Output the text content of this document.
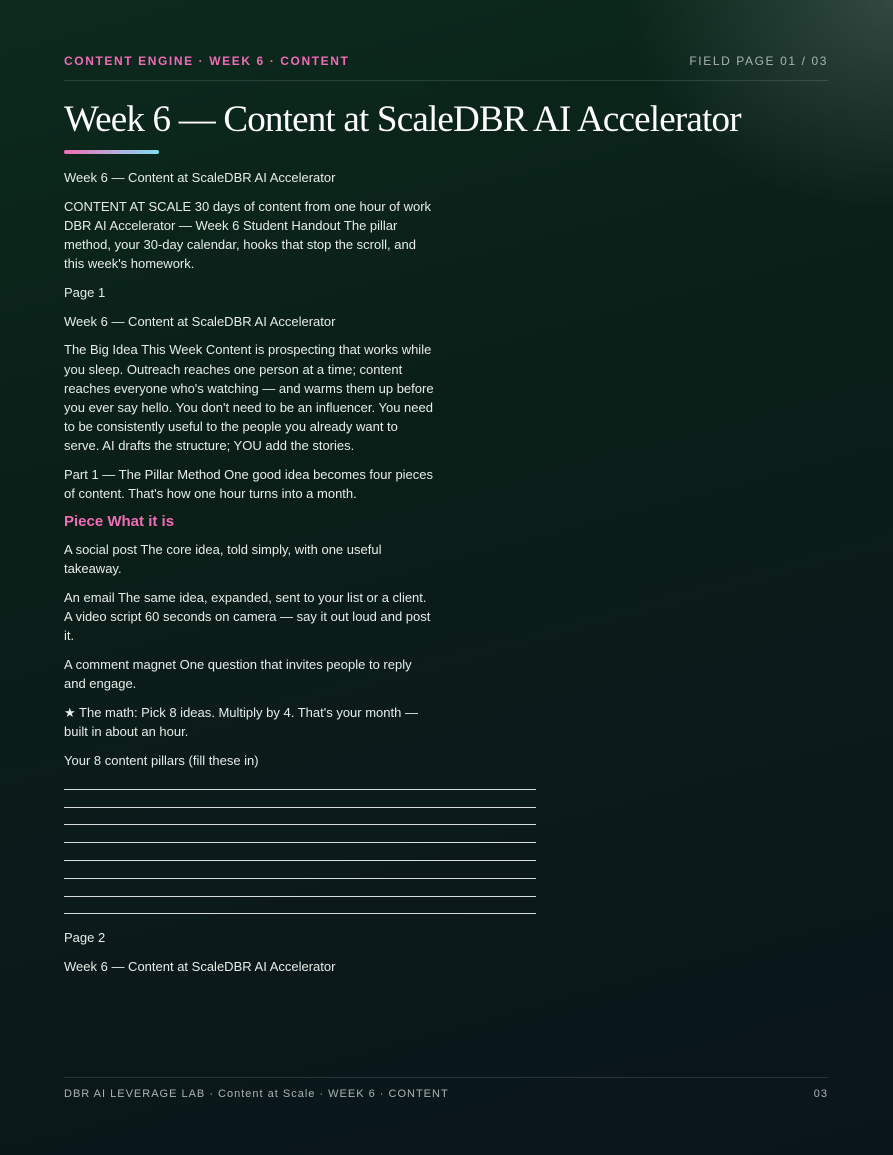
CONTENT ENGINE · WEEK 6 · CONTENT	FIELD PAGE 01 / 03
Week 6 — Content at ScaleDBR AI Accelerator

Week 6 — Content at ScaleDBR AI Accelerator

CONTENT AT SCALE 30 days of content from one hour of work DBR AI Accelerator — Week 6 Student Handout The pillar method, your 30-day calendar, hooks that stop the scroll, and this week's homework.

Page 1

Week 6 — Content at ScaleDBR AI Accelerator

The Big Idea This Week Content is prospecting that works while you sleep. Outreach reaches one person at a time; content reaches everyone who's watching — and warms them up before you ever say hello. You don't need to be an influencer. You need to be consistently useful to the people you already want to serve. AI drafts the structure; YOU add the stories.

Part 1 — The Pillar Method One good idea becomes four pieces of content. That's how one hour turns into a month.

Piece What it is

A social post The core idea, told simply, with one useful takeaway.

An email The same idea, expanded, sent to your list or a client. A video script 60 seconds on camera — say it out loud and post it.

A comment magnet One question that invites people to reply and engage.

★ The math: Pick 8 ideas. Multiply by 4. That's your month — built in about an hour.

Your 8 content pillars (fill these in)

Page 2

Week 6 — Content at ScaleDBR AI Accelerator

DBR AI LEVERAGE LAB · Content at Scale · WEEK 6 · CONTENT	03
